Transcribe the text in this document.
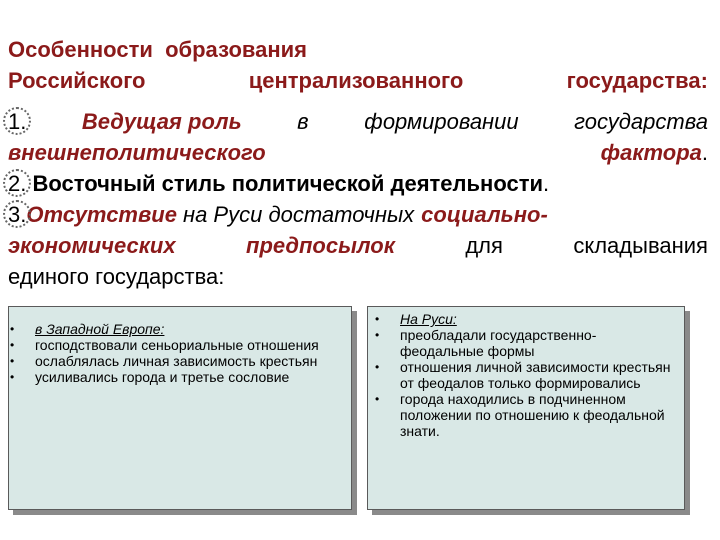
Особенности  образования
Российского	централизованного	государства:
1.	Ведущая роль	в	формировании	государства
внешнеполитического	фактора.
2. Восточный стиль политической деятельности.
3. Отсутствие на Руси достаточных социально-
экономических	предпосылок	для	складывания
единого государства:
• в Западной Европе:
• господствовали сеньориальные отношения
• ослаблялась личная зависимость крестьян
• усиливались города и третье сословие
• На Руси:
• преобладали государственно-феодальные формы
• отношения личной зависимости крестьян от феодалов только формировались
• города находились в подчиненном положении по отношению к феодальной знати.
